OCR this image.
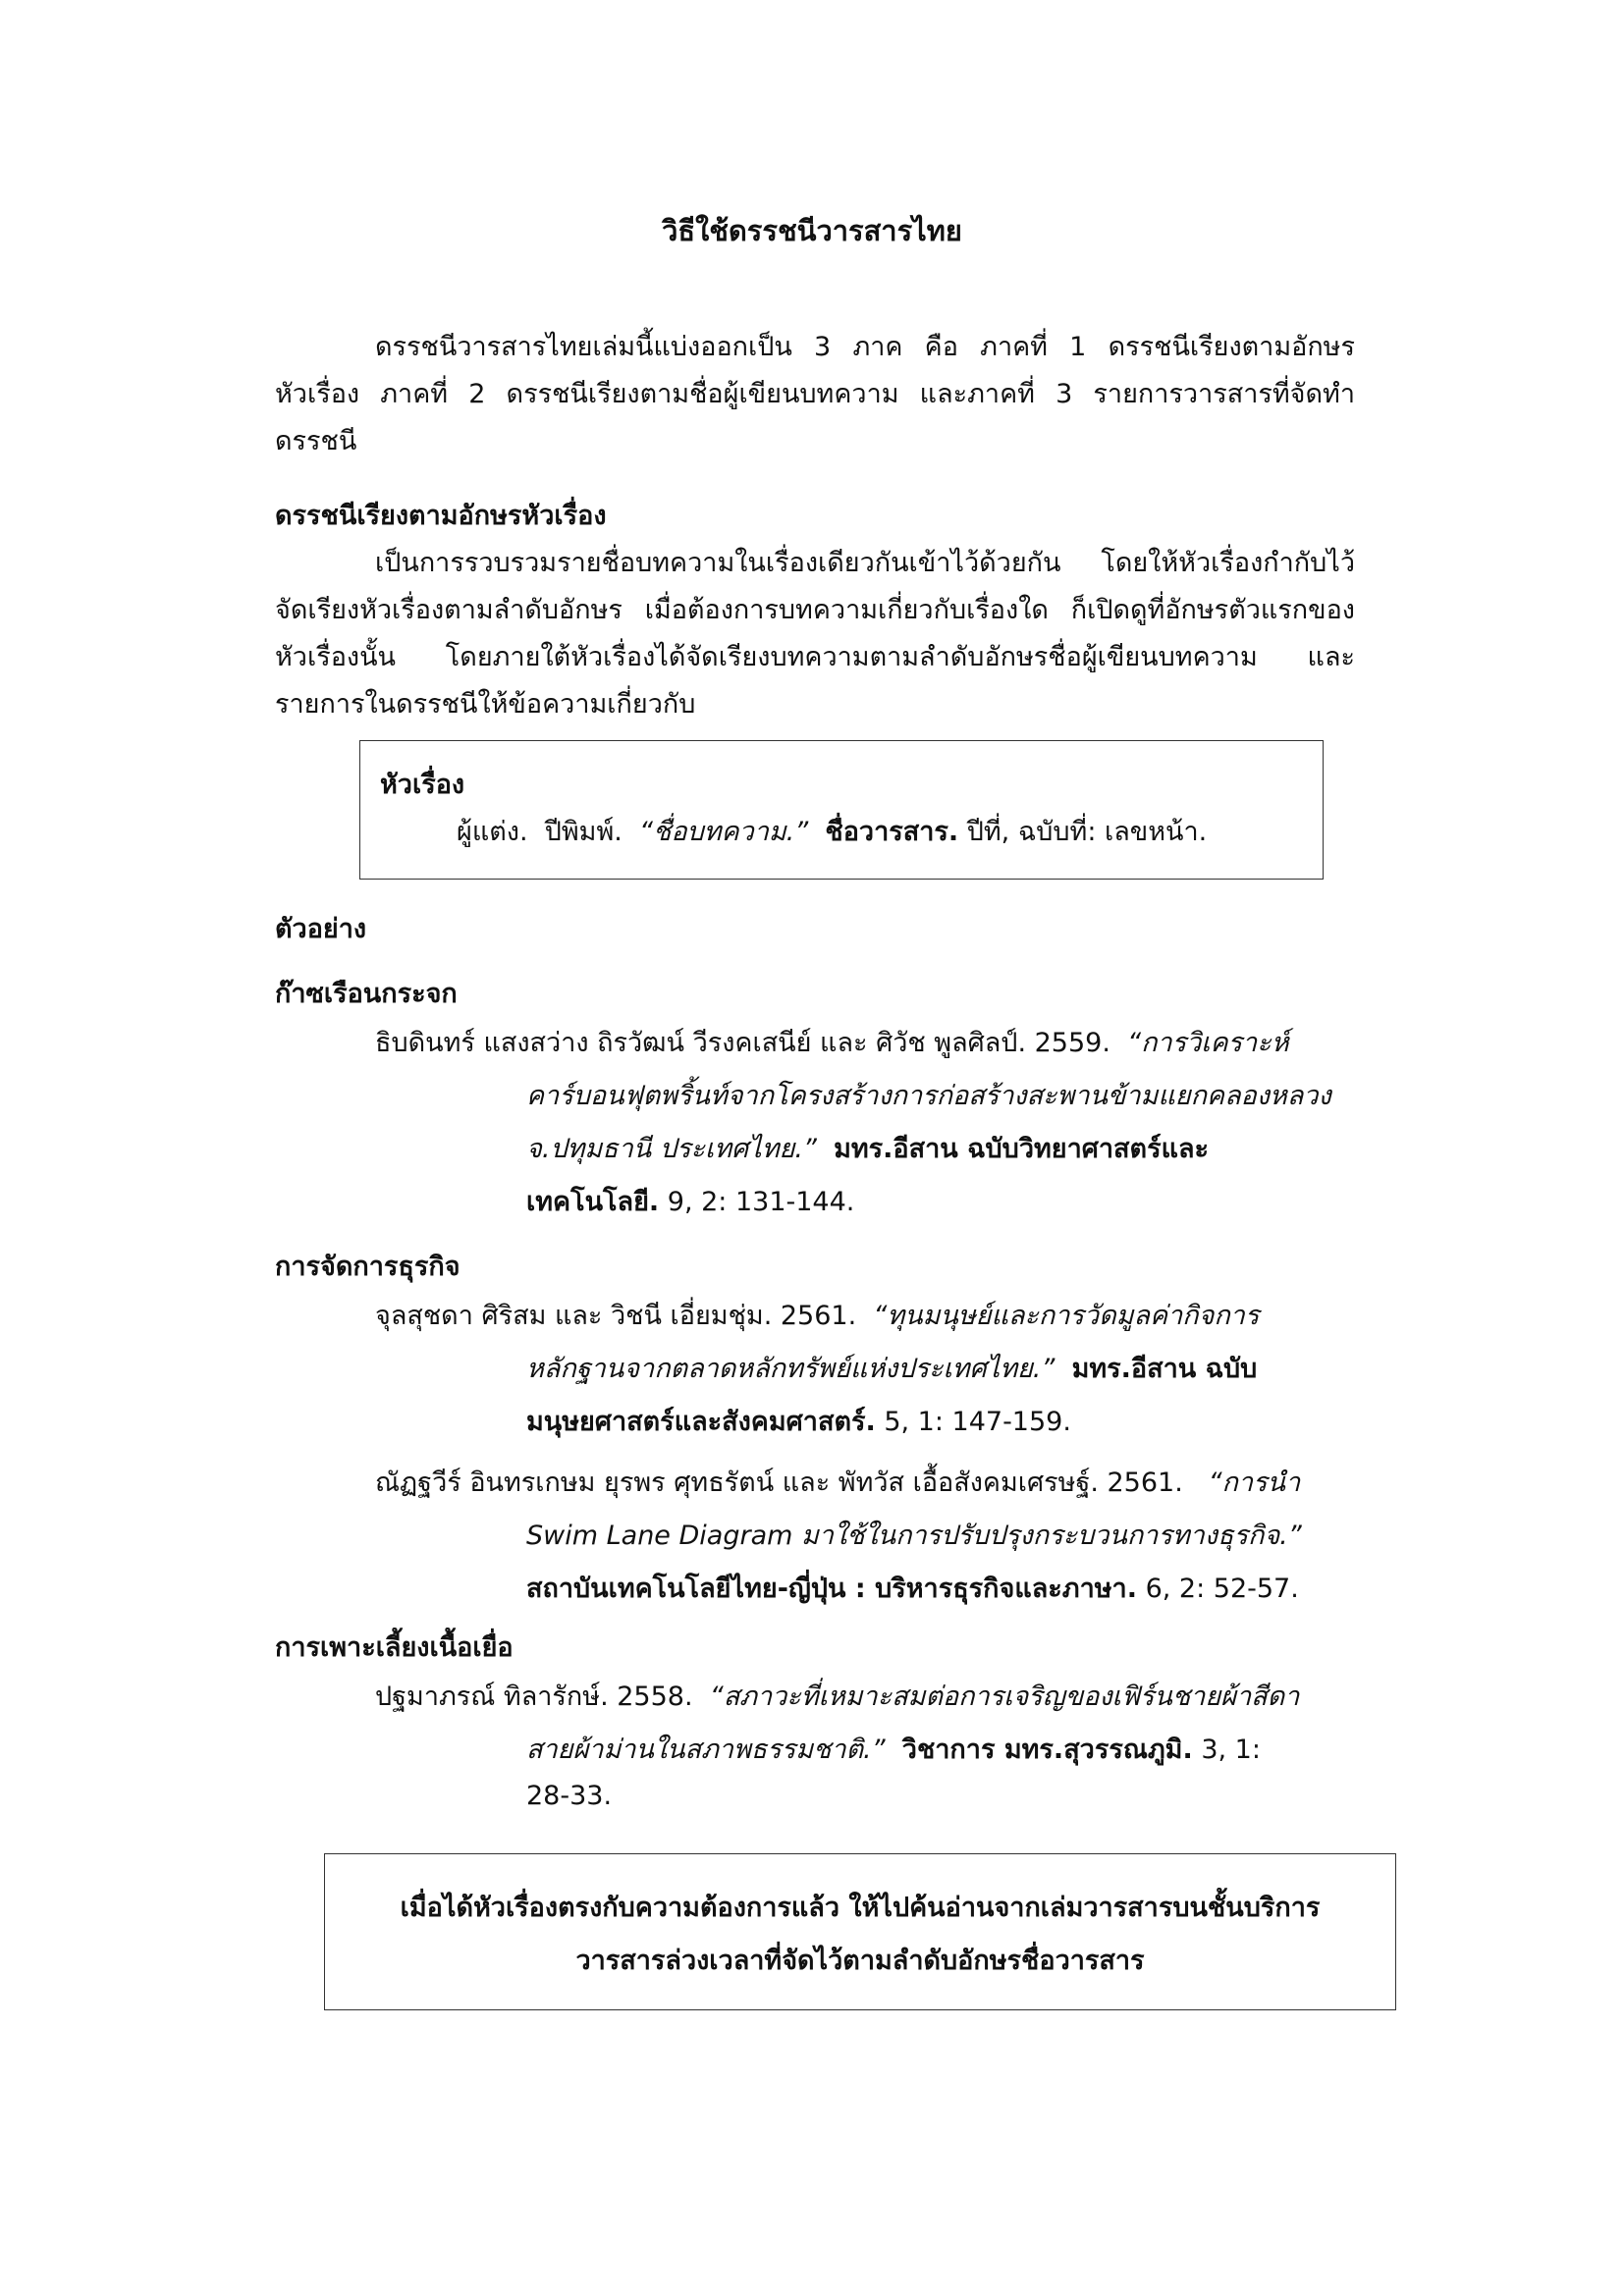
วิธีใช้ดรรชนีวารสารไทย
ดรรชนีวารสารไทยเล่มนี้แบ่งออกเป็น 3 ภาค คือ ภาคที่ 1 ดรรชนีเรียงตามอักษร
หัวเรื่อง ภาคที่ 2 ดรรชนีเรียงตามชื่อผู้เขียนบทความ และภาคที่ 3 รายการวารสารที่จัดทำ
ดรรชนี
ดรรชนีเรียงตามอักษรหัวเรื่อง
เป็นการรวบรวมรายชื่อบทความในเรื่องเดียวกันเข้าไว้ด้วยกัน โดยให้หัวเรื่องกำกับไว้
จัดเรียงหัวเรื่องตามลำดับอักษร เมื่อต้องการบทความเกี่ยวกับเรื่องใด ก็เปิดดูที่อักษรตัวแรกของ
หัวเรื่องนั้น โดยภายใต้หัวเรื่องได้จัดเรียงบทความตามลำดับอักษรชื่อผู้เขียนบทความ และ
รายการในดรรชนีให้ข้อความเกี่ยวกับ
หัวเรื่อง
ผู้แต่ง. ปีพิมพ์. “ชื่อบทความ.” ชื่อวารสาร. ปีที่, ฉบับที่: เลขหน้า.
ตัวอย่าง
ก๊าซเรือนกระจก
ธิบดินทร์ แสงสว่าง ถิรวัฒน์ วีรงคเสนีย์ และ ศิวัช พูลศิลป์. 2559. “การวิเคราะห์
คาร์บอนฟุตพริ้นท์จากโครงสร้างการก่อสร้างสะพานข้ามแยกคลองหลวง
จ.ปทุมธานี ประเทศไทย.” มทร.อีสาน ฉบับวิทยาศาสตร์และ
เทคโนโลยี. 9, 2: 131-144.
การจัดการธุรกิจ
จุลสุชดา ศิริสม และ วิชนี เอี่ยมชุ่ม. 2561. “ทุนมนุษย์และการวัดมูลค่ากิจการ
หลักฐานจากตลาดหลักทรัพย์แห่งประเทศไทย.” มทร.อีสาน ฉบับ
มนุษยศาสตร์และสังคมศาสตร์. 5, 1: 147-159.
ณัฏฐวีร์ อินทรเกษม ยุรพร ศุทธรัตน์ และ พัทวัส เอื้อสังคมเศรษฐ์. 2561. “การนำ
Swim Lane Diagram มาใช้ในการปรับปรุงกระบวนการทางธุรกิจ.”
สถาบันเทคโนโลยีไทย-ญี่ปุ่น : บริหารธุรกิจและภาษา. 6, 2: 52-57.
การเพาะเลี้ยงเนื้อเยื่อ
ปฐมาภรณ์ ทิลารักษ์. 2558. “สภาวะที่เหมาะสมต่อการเจริญของเฟิร์นชายผ้าสีดา
สายผ้าม่านในสภาพธรรมชาติ.” วิชาการ มทร.สุวรรณภูมิ. 3, 1:
28-33.
เมื่อได้หัวเรื่องตรงกับความต้องการแล้ว ให้ไปค้นอ่านจากเล่มวารสารบนชั้นบริการ
วารสารล่วงเวลาที่จัดไว้ตามลำดับอักษรชื่อวารสาร
